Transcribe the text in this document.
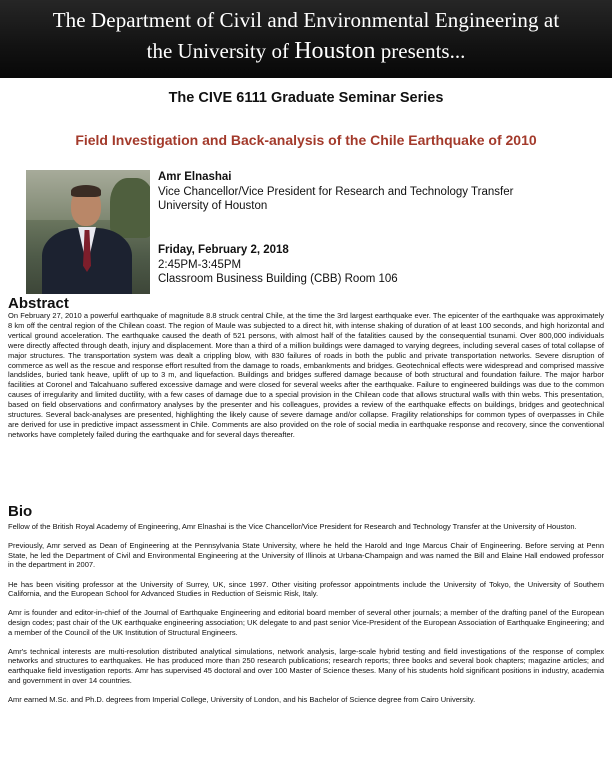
The Department of Civil and Environmental Engineering at
the University of Houston presents...
The CIVE 6111 Graduate Seminar Series
Field Investigation and Back-analysis of the Chile Earthquake of 2010
Amr Elnashai
Vice Chancellor/Vice President for Research and Technology Transfer
University of Houston
Friday, February 2, 2018
2:45PM-3:45PM
Classroom Business Building (CBB) Room 106
Abstract
On February 27, 2010 a powerful earthquake of magnitude 8.8 struck central Chile, at the time the 3rd largest earthquake ever. The epicenter of the earthquake was approximately 8 km off the central region of the Chilean coast. The region of Maule was subjected to a direct hit, with intense shaking of duration of at least 100 seconds, and high horizontal and vertical ground acceleration. The earthquake caused the death of 521 persons, with almost half of the fatalities caused by the consequential tsunami. Over 800,000 individuals were directly affected through death, injury and displacement. More than a third of a million buildings were damaged to varying degrees, including several cases of total collapse of major structures. The transportation system was dealt a crippling blow, with 830 failures of roads in both the public and private transportation networks. Severe disruption of commerce as well as the rescue and response effort resulted from the damage to roads, embankments and bridges. Geotechnical effects were widespread and comprised massive landslides, buried tank heave, uplift of up to 3 m, and liquefaction. Buildings and bridges suffered damage because of both structural and foundation failure. The major harbor facilities at Coronel and Talcahuano suffered excessive damage and were closed for several weeks after the earthquake. Failure to engineered buildings was due to the common causes of irregularity and limited ductility, with a few cases of damage due to a special provision in the Chilean code that allows structural walls with thin webs. This presentation, based on field observations and confirmatory analyses by the presenter and his colleagues, provides a review of the earthquake effects on buildings, bridges and geotechnical structures. Several back-analyses are presented, highlighting the likely cause of severe damage and/or collapse. Fragility relationships for common types of overpasses in Chile are derived for use in predictive impact assessment in Chile. Comments are also provided on the role of social media in earthquake response and recovery, since the conventional networks have completely failed during the earthquake and for several days thereafter.
Bio

Fellow of the British Royal Academy of Engineering, Amr Elnashai is the Vice Chancellor/Vice President for Research and Technology Transfer at the University of Houston.

Previously, Amr served as Dean of Engineering at the Pennsylvania State University, where he held the Harold and Inge Marcus Chair of Engineering. Before serving at Penn State, he led the Department of Civil and Environmental Engineering at the University of Illinois at Urbana-Champaign and was named the Bill and Elaine Hall endowed professor in the department in 2007.

He has been visiting professor at the University of Surrey, UK, since 1997. Other visiting professor appointments include the University of Tokyo, the University of Southern California, and the European School for Advanced Studies in Reduction of Seismic Risk, Italy.

Amr is founder and editor-in-chief of the Journal of Earthquake Engineering and editorial board member of several other journals; a member of the drafting panel of the European design codes; past chair of the UK earthquake engineering association; UK delegate to and past senior Vice-President of the European Association of Earthquake Engineering; and a member of the Council of the UK Institution of Structural Engineers.

Amr's technical interests are multi-resolution distributed analytical simulations, network analysis, large-scale hybrid testing and field investigations of the response of complex networks and structures to earthquakes. He has produced more than 250 research publications; research reports; three books and several book chapters; magazine articles; and earthquake field investigation reports. Amr has supervised 45 doctoral and over 100 Master of Science theses. Many of his students hold significant positions in industry, academia and government in over 14 countries.

Amr earned M.Sc. and Ph.D. degrees from Imperial College, University of London, and his Bachelor of Science degree from Cairo University.
